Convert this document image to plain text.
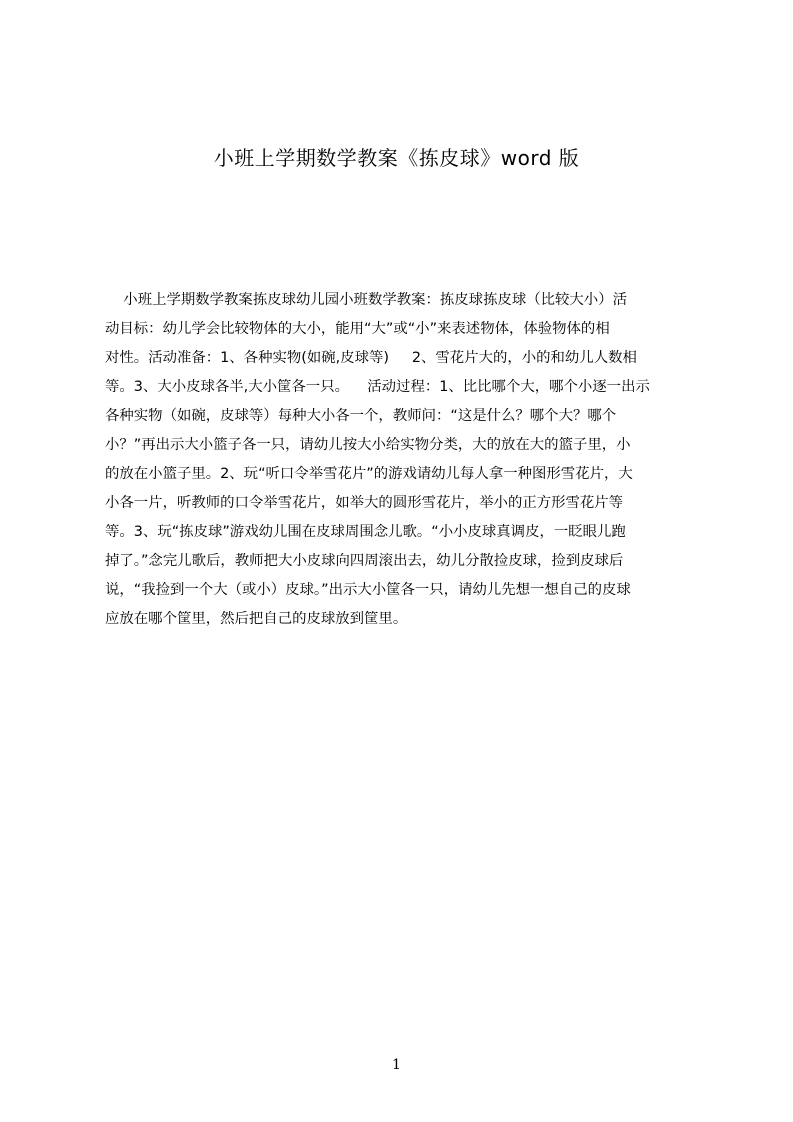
小班上学期数学教案《拣皮球》word 版
小班上学期数学教案拣皮球幼儿园小班数学教案：拣皮球拣皮球（比较大小）活
动目标：幼儿学会比较物体的大小，能用“大”或“小”来表述物体，体验物体的相
对性。活动准备：1、各种实物(如碗,皮球等)     2、雪花片大的，小的和幼儿人数相
等。3、大小皮球各半,大小筐各一只。    活动过程：1、比比哪个大，哪个小逐一出示
各种实物（如碗，皮球等）每种大小各一个，教师问：“这是什么？哪个大？哪个
小？”再出示大小篮子各一只，请幼儿按大小给实物分类，大的放在大的篮子里，小
的放在小篮子里。2、玩“听口令举雪花片”的游戏请幼儿每人拿一种图形雪花片，大
小各一片，听教师的口令举雪花片，如举大的圆形雪花片，举小的正方形雪花片等
等。3、玩“拣皮球”游戏幼儿围在皮球周围念儿歌。“小小皮球真调皮，一眨眼儿跑
掉了。”念完儿歌后，教师把大小皮球向四周滚出去，幼儿分散捡皮球，捡到皮球后
说，“我捡到一个大（或小）皮球。”出示大小筐各一只，请幼儿先想一想自己的皮球
应放在哪个筐里，然后把自己的皮球放到筐里。
1
